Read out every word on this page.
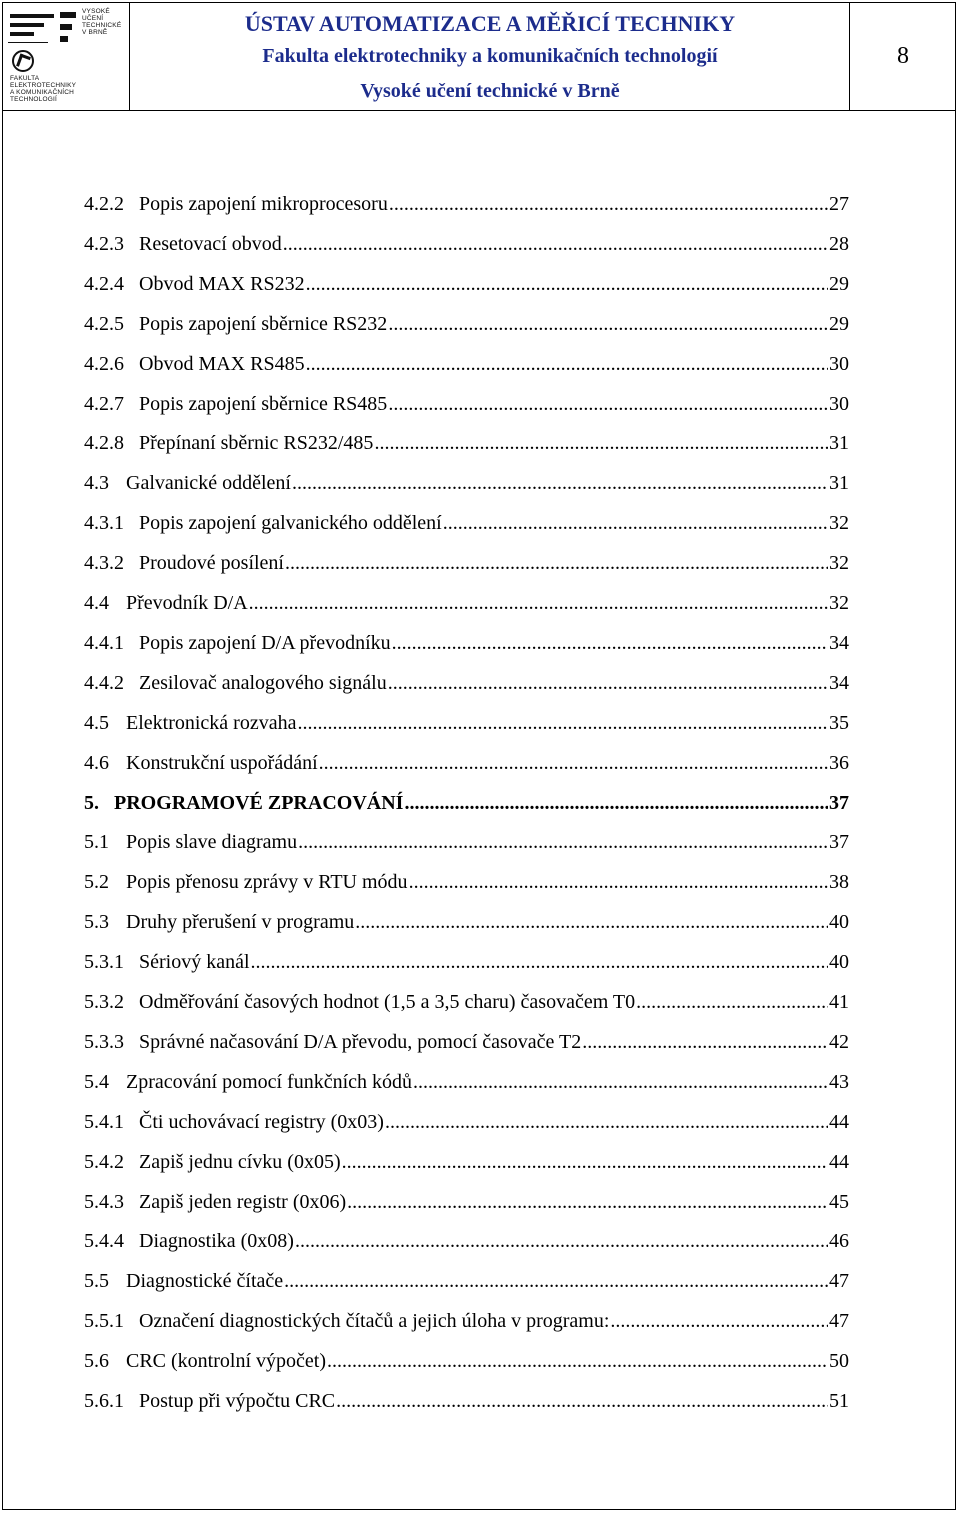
VYSOKÉ
UČENÍ
TECHNICKÉ
V BRNĚ
FAKULTA
ELEKTROTECHNIKY
A KOMUNIKAČNÍCH
TECHNOLOGIÍ
ÚSTAV AUTOMATIZACE A MĚŘICÍ TECHNIKY
Fakulta elektrotechniky a komunikačních technologií
Vysoké učení technické v Brně
8
4.2.2 Popis zapojení mikroprocesoru .....	27
4.2.3 Resetovací obvod .....	28
4.2.4 Obvod MAX RS232 .....	29
4.2.5 Popis zapojení sběrnice RS232 .....	29
4.2.6 Obvod MAX RS485 .....	30
4.2.7 Popis zapojení sběrnice RS485 .....	30
4.2.8 Přepínaní sběrnic RS232/485 .....	31
4.3 Galvanické oddělení .....	31
4.3.1 Popis zapojení galvanického oddělení .....	32
4.3.2 Proudové posílení .....	32
4.4 Převodník D/A .....	32
4.4.1 Popis zapojení D/A převodníku .....	34
4.4.2 Zesilovač analogového signálu .....	34
4.5 Elektronická rozvaha .....	35
4.6 Konstrukční uspořádání .....	36
5. PROGRAMOVÉ ZPRACOVÁNÍ .....	37
5.1 Popis slave diagramu .....	37
5.2 Popis přenosu zprávy v RTU módu .....	38
5.3 Druhy přerušení v programu .....	40
5.3.1 Sériový kanál .....	40
5.3.2 Odměřování časových hodnot (1,5 a 3,5 charu) časovačem T0 .....	41
5.3.3 Správné načasování D/A převodu, pomocí časovače T2 .....	42
5.4 Zpracování pomocí funkčních kódů .....	43
5.4.1 Čti uchovávací registry (0x03) .....	44
5.4.2 Zapiš jednu cívku (0x05) .....	44
5.4.3 Zapiš jeden registr (0x06) .....	45
5.4.4 Diagnostika (0x08) .....	46
5.5 Diagnostické čítače .....	47
5.5.1 Označení diagnostických čítačů a jejich úloha v programu: .....	47
5.6 CRC (kontrolní výpočet) .....	50
5.6.1 Postup při výpočtu CRC .....	51
